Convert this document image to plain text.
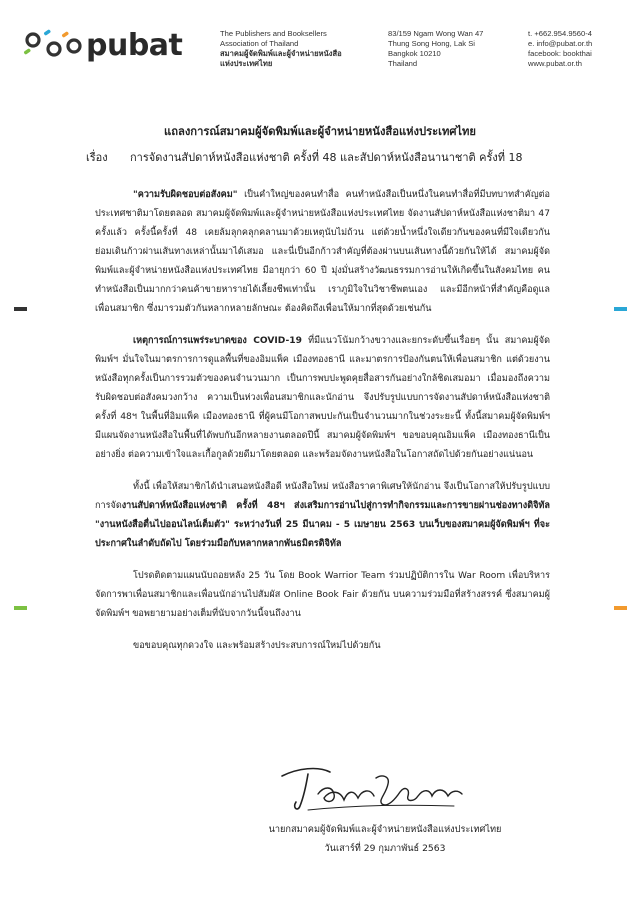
pubat	The Publishers and Booksellers
Association of Thailand
สมาคมผู้จัดพิมพ์และผู้จำหน่ายหนังสือ
แห่งประเทศไทย
83/159 Ngam Wong Wan 47
Thung Song Hong, Lak Si
Bangkok 10210
Thailand
t. +662.954.9560-4
e. info@pubat.or.th
facebook: bookthai
www.pubat.or.th
แถลงการณ์สมาคมผู้จัดพิมพ์และผู้จำหน่ายหนังสือแห่งประเทศไทย
เรื่อง การจัดงานสัปดาห์หนังสือแห่งชาติ ครั้งที่ 48 และสัปดาห์หนังสือนานาชาติ ครั้งที่ 18

"ความรับผิดชอบต่อสังคม" เป็นคำใหญ่ของคนทำสื่อ คนทำหนังสือเป็นหนึ่งในคนทำสื่อที่มีบทบาทสำคัญต่อประเทศชาติมาโดยตลอด สมาคมผู้จัดพิมพ์และผู้จำหน่ายหนังสือแห่งประเทศไทย จัดงานสัปดาห์หนังสือแห่งชาติมา 47 ครั้งแล้ว ครั้งนี้ครั้งที่ 48 เคยล้มลุกคลุกคลานมาด้วยเหตุนับไม่ถ้วน แต่ด้วยน้ำหนึ่งใจเดียวกันของคนที่มีใจเดียวกัน ย่อมเดินก้าวผ่านเส้นทางเหล่านั้นมาได้เสมอ และนี่เป็นอีกก้าวสำคัญที่ต้องผ่านบนเส้นทางนี้ด้วยกันให้ได้ สมาคมผู้จัดพิมพ์และผู้จำหน่ายหนังสือแห่งประเทศไทย มีอายุกว่า 60 ปี มุ่งมั่นสร้างวัฒนธรรมการอ่านให้เกิดขึ้นในสังคมไทย คนทำหนังสือเป็นมากกว่าคนค้าขายหารายได้เลี้ยงชีพเท่านั้น เราภูมิใจในวิชาชีพตนเอง และมีอีกหน้าที่สำคัญคือดูแลเพื่อนสมาชิก ซึ่งมารวมตัวกันหลากหลายลักษณะ ต้องคิดถึงเพื่อนให้มากที่สุดด้วยเช่นกัน

เหตุการณ์การแพร่ระบาดของ COVID-19 ที่มีแนวโน้มกว้างขวางและยกระดับขึ้นเรื่อยๆ นั้น สมาคมผู้จัดพิมพ์ฯ มั่นใจในมาตรการการดูแลพื้นที่ของอิมแพ็ค เมืองทองธานี และมาตรการป้องกันตนให้เพื่อนสมาชิก แต่ด้วยงานหนังสือทุกครั้งเป็นการรวมตัวของคนจำนวนมาก เป็นการพบปะพูดคุยสื่อสารกันอย่างใกล้ชิดเสมอมา เมื่อมองถึงความรับผิดชอบต่อสังคมวงกว้าง ความเป็นห่วงเพื่อนสมาชิกและนักอ่าน จึงปรับรูปแบบการจัดงานสัปดาห์หนังสือแห่งชาติ ครั้งที่ 48ฯ ในพื้นที่อิมแพ็ค เมืองทองธานี ที่ผู้คนมีโอกาสพบปะกันเป็นจำนวนมากในช่วงระยะนี้ ทั้งนี้สมาคมผู้จัดพิมพ์ฯ มีแผนจัดงานหนังสือในพื้นที่ได้พบกันอีกหลายงานตลอดปีนี้ สมาคมผู้จัดพิมพ์ฯ ขอขอบคุณอิมแพ็ค เมืองทองธานีเป็นอย่างยิ่ง ต่อความเข้าใจและเกื้อกูลด้วยดีมาโดยตลอด และพร้อมจัดงานหนังสือในโอกาสถัดไปด้วยกันอย่างแน่นอน

ทั้งนี้ เพื่อให้สมาชิกได้นำเสนอหนังสือดี หนังสือใหม่ หนังสือราคาพิเศษให้นักอ่าน จึงเป็นโอกาสให้ปรับรูปแบบการจัดงานสัปดาห์หนังสือแห่งชาติ ครั้งที่ 48ฯ ส่งเสริมการอ่านไปสู่การทำกิจกรรมและการขายผ่านช่องทางดิจิทัล "งานหนังสือตื่นไปออนไลน์เต็มตัว" ระหว่างวันที่ 25 มีนาคม - 5 เมษายน 2563 บนเว็บของสมาคมผู้จัดพิมพ์ฯ ที่จะประกาศในลำดับถัดไป โดยร่วมมือกับหลากหลากพันธมิตรดิจิทัล

โปรดติดตามแผนนับถอยหลัง 25 วัน โดย Book Warrior Team ร่วมปฏิบัติการใน War Room เพื่อบริหารจัดการพาเพื่อนสมาชิกและเพื่อนนักอ่านไปสัมผัส Online Book Fair ด้วยกัน บนความร่วมมือที่สร้างสรรค์ ซึ่งสมาคมผู้จัดพิมพ์ฯ ขอพยายามอย่างเต็มที่นับจากวันนี้จนถึงงาน

ขอขอบคุณทุกดวงใจ และพร้อมสร้างประสบการณ์ใหม่ไปด้วยกัน

นายกสมาคมผู้จัดพิมพ์และผู้จำหน่ายหนังสือแห่งประเทศไทย
วันเสาร์ที่ 29 กุมภาพันธ์ 2563
